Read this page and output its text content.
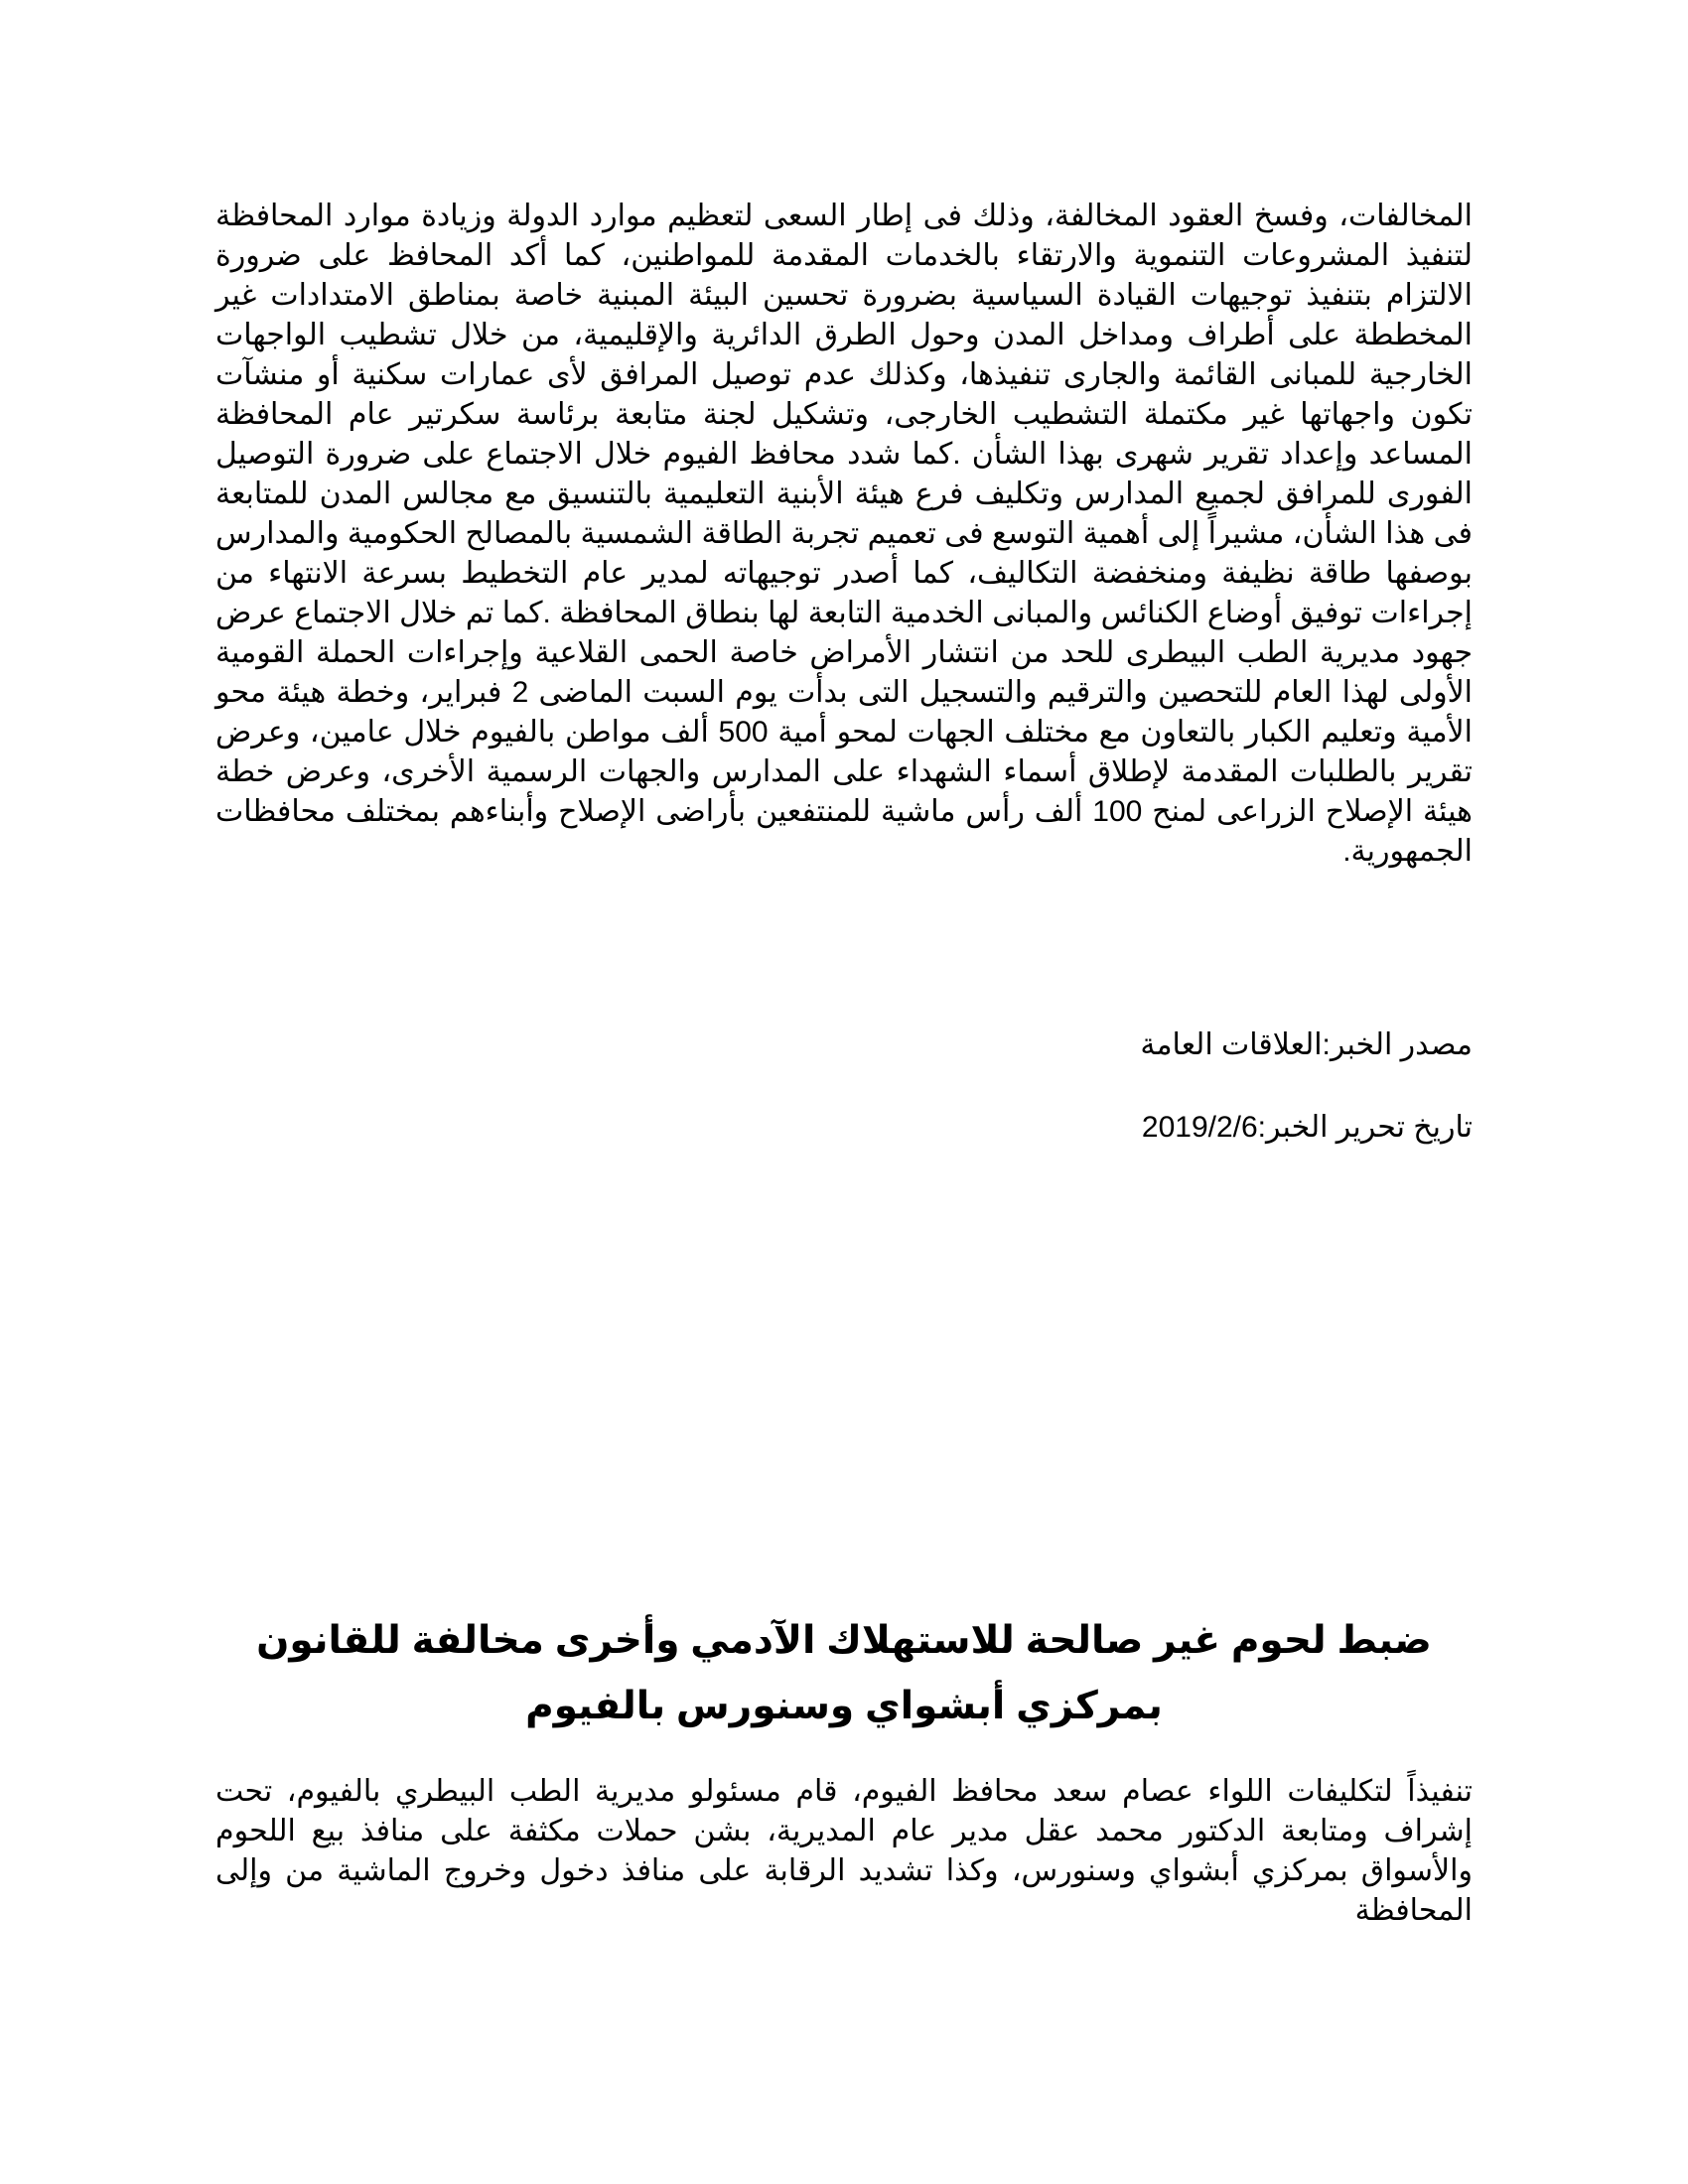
المخالفات، وفسخ العقود المخالفة، وذلك فى إطار السعى لتعظيم موارد الدولة وزيادة موارد المحافظة لتنفيذ المشروعات التنموية والارتقاء بالخدمات المقدمة للمواطنين، كما أكد المحافظ على ضرورة الالتزام بتنفيذ توجيهات القيادة السياسية بضرورة تحسين البيئة المبنية خاصة بمناطق الامتدادات غير المخططة على أطراف ومداخل المدن وحول الطرق الدائرية والإقليمية، من خلال تشطيب الواجهات الخارجية للمبانى القائمة والجارى تنفيذها، وكذلك عدم توصيل المرافق لأى عمارات سكنية أو منشآت تكون واجهاتها غير مكتملة التشطيب الخارجى، وتشكيل لجنة متابعة برئاسة سكرتير عام المحافظة المساعد وإعداد تقرير شهرى بهذا الشأن .كما شدد محافظ الفيوم خلال الاجتماع على ضرورة التوصيل الفورى للمرافق لجميع المدارس وتكليف فرع هيئة الأبنية التعليمية بالتنسيق مع مجالس المدن للمتابعة فى هذا الشأن، مشيراً إلى أهمية التوسع فى تعميم تجربة الطاقة الشمسية بالمصالح الحكومية والمدارس بوصفها طاقة نظيفة ومنخفضة التكاليف، كما أصدر توجيهاته لمدير عام التخطيط بسرعة الانتهاء من إجراءات توفيق أوضاع الكنائس والمبانى الخدمية التابعة لها بنطاق المحافظة .كما تم خلال الاجتماع عرض جهود مديرية الطب البيطرى للحد من انتشار الأمراض خاصة الحمى القلاعية وإجراءات الحملة القومية الأولى لهذا العام للتحصين والترقيم والتسجيل التى بدأت يوم السبت الماضى 2 فبراير، وخطة هيئة محو الأمية وتعليم الكبار بالتعاون مع مختلف الجهات لمحو أمية 500 ألف مواطن بالفيوم خلال عامين، وعرض تقرير بالطلبات المقدمة لإطلاق أسماء الشهداء على المدارس والجهات الرسمية الأخرى، وعرض خطة هيئة الإصلاح الزراعى لمنح 100 ألف رأس ماشية للمنتفعين بأراضى الإصلاح وأبناءهم بمختلف محافظات الجمهورية.

مصدر الخبر:العلاقات العامة
تاريخ تحرير الخبر:2019/2/6
ضبط لحوم غير صالحة للاستهلاك الآدمي وأخرى مخالفة للقانون بمركزي أبشواي وسنورس بالفيوم

تنفيذاً لتكليفات اللواء عصام سعد محافظ الفيوم، قام مسئولو مديرية الطب البيطري بالفيوم، تحت إشراف ومتابعة الدكتور محمد عقل مدير عام المديرية، بشن حملات مكثفة على منافذ بيع اللحوم والأسواق بمركزي أبشواي وسنورس، وكذا تشديد الرقابة على منافذ دخول وخروج الماشية من وإلى المحافظة
